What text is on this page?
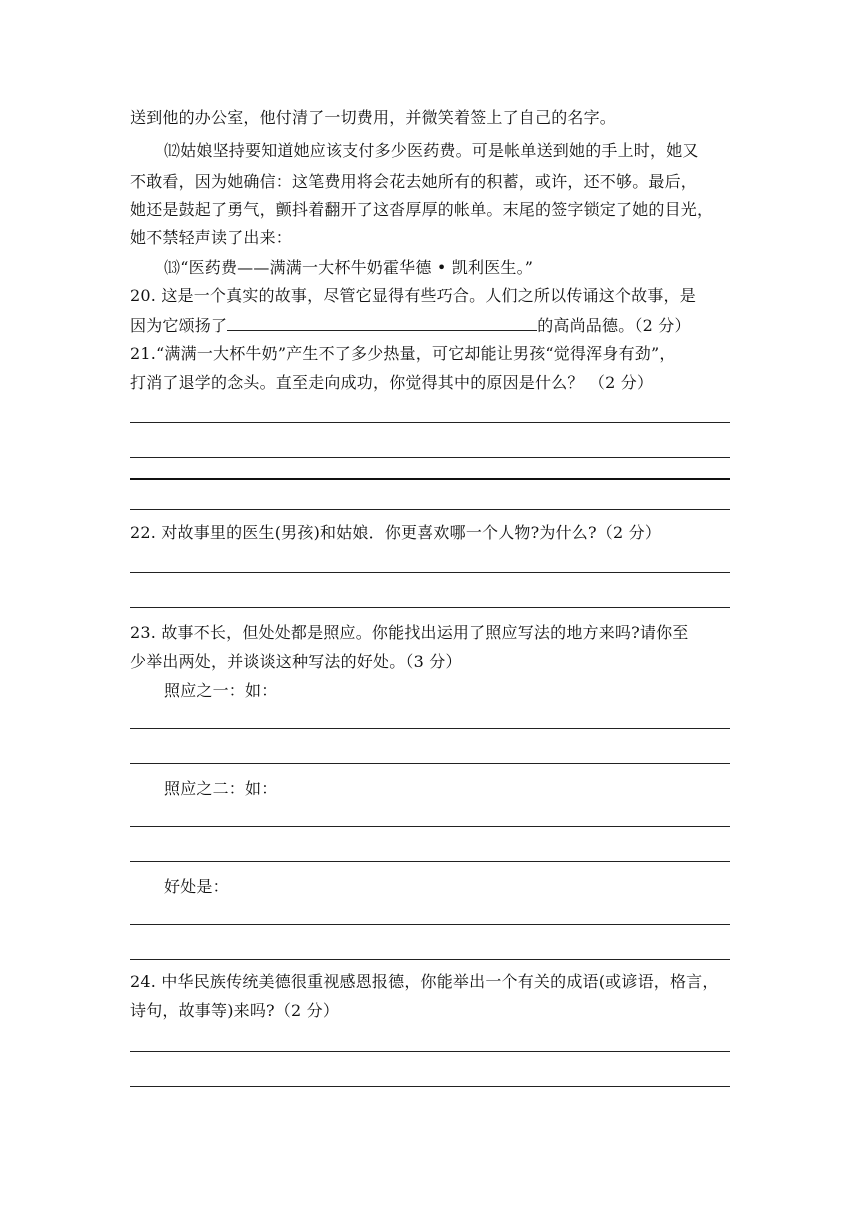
送到他的办公室，他付清了一切费用，并微笑着签上了自己的名字。
⑿姑娘坚持要知道她应该支付多少医药费。可是帐单送到她的手上时，她又
不敢看，因为她确信：这笔费用将会花去她所有的积蓄，或许，还不够。最后，
她还是鼓起了勇气，颤抖着翻开了这沓厚厚的帐单。末尾的签字锁定了她的目光，
她不禁轻声读了出来：
⒀“医药费——满满一大杯牛奶霍华德 • 凯利医生。”
20. 这是一个真实的故事，尽管它显得有些巧合。人们之所以传诵这个故事，是
因为它颂扬了	的高尚品德。（2 分）
21.“满满一大杯牛奶”产生不了多少热量，可它却能让男孩“觉得浑身有劲”，
打消了退学的念头。直至走向成功，你觉得其中的原因是什么？ （2 分）
22. 对故事里的医生(男孩)和姑娘．你更喜欢哪一个人物?为什么?（2 分）
23. 故事不长，但处处都是照应。你能找出运用了照应写法的地方来吗?请你至
少举出两处，并谈谈这种写法的好处。（3 分）
照应之一：如：
照应之二：如：
好处是：
24. 中华民族传统美德很重视感恩报德，你能举出一个有关的成语(或谚语，格言，
诗句，故事等)来吗?（2 分）
